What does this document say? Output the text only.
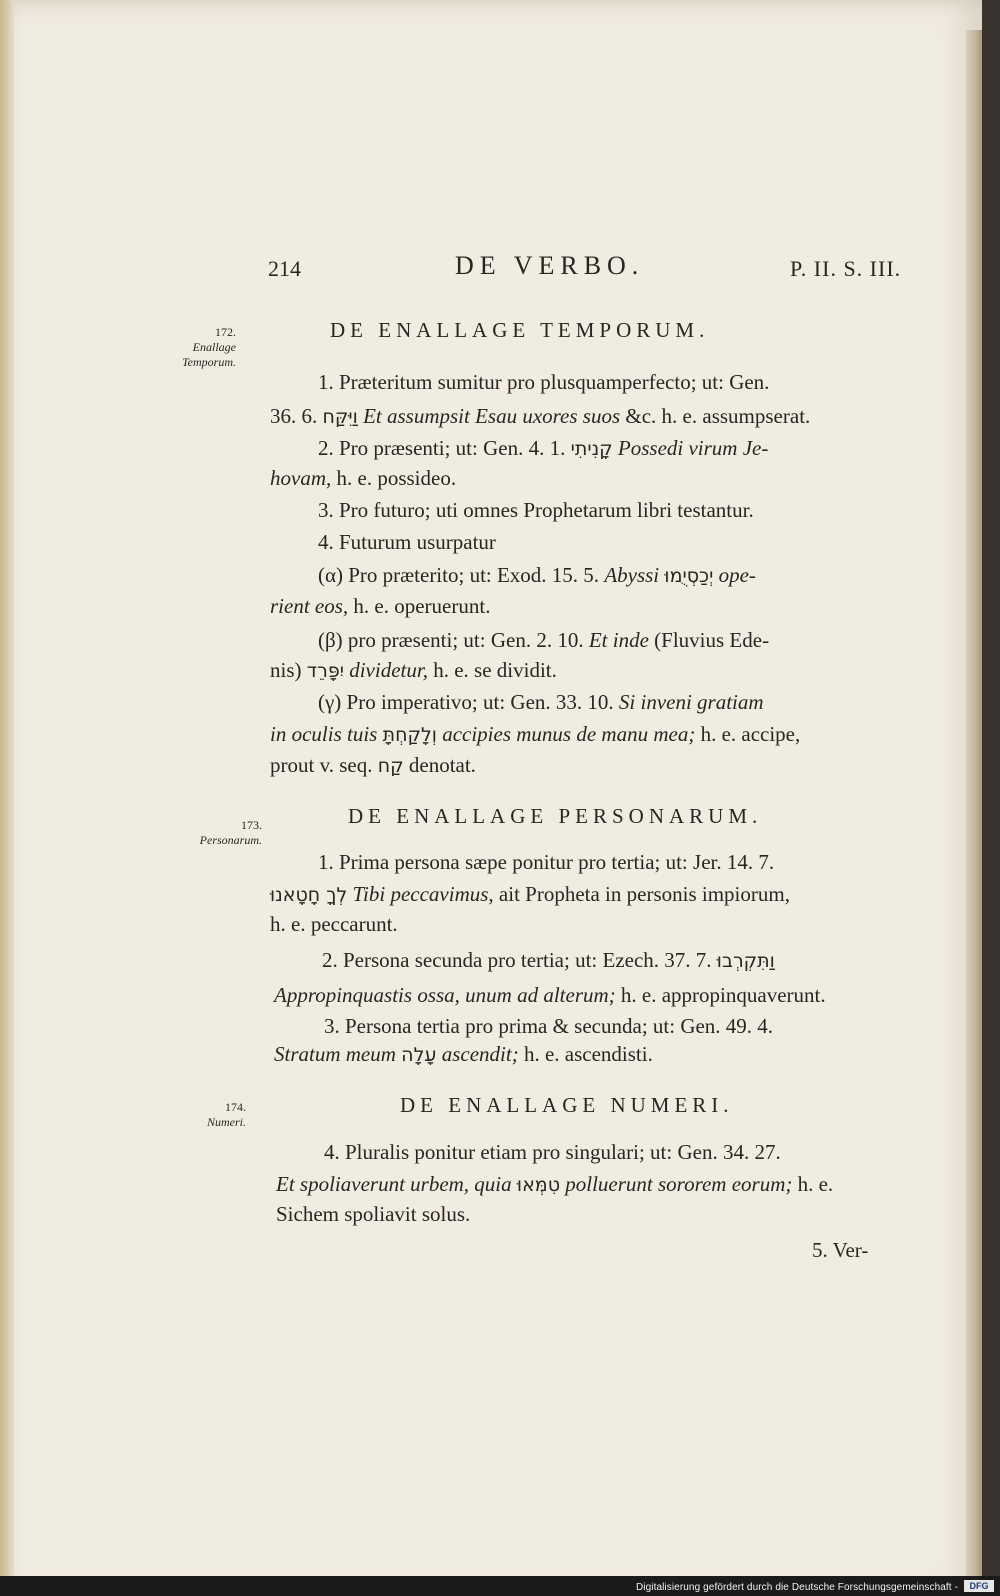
214	DE VERBO.	P. II. S. III.
172.
Enallage
Temporum.
173.
Personarum.
174.
Numeri.
DE ENALLAGE TEMPORUM.
1. Præteritum sumitur pro plusquamperfecto; ut: Gen.
36. 6. וַיִּקַּח Et assumpsit Esau uxores suos &c. h. e. assumpserat.
2. Pro præsenti; ut: Gen. 4. 1. קָנִיתִי Possedi virum Je-
hovam, h. e. possideo.
3. Pro futuro; uti omnes Prophetarum libri testantur.
4. Futurum usurpatur
(α) Pro præterito; ut: Exod. 15. 5. Abyssi יְכַסְיֻמוּ ope-
rient eos, h. e. operuerunt.
(β) pro præsenti; ut: Gen. 2. 10. Et inde (Fluvius Ede-
nis) יִפָּרֵד dividetur, h. e. se dividit.
(γ) Pro imperativo; ut: Gen. 33. 10. Si inveni gratiam
in oculis tuis וְלָקַחְתָּ accipies munus de manu mea; h. e. accipe,
prout v. seq. קַח denotat.
DE ENALLAGE PERSONARUM.
1. Prima persona sæpe ponitur pro tertia; ut: Jer. 14. 7.
לְךָ חָטָאנוּ Tibi peccavimus, ait Propheta in personis impiorum,
h. e. peccarunt.
2. Persona secunda pro tertia; ut: Ezech. 37. 7. וַתִּקְרְבוּ
Appropinquastis ossa, unum ad alterum; h. e. appropinquaverunt.
3. Persona tertia pro prima & secunda; ut: Gen. 49. 4.
Stratum meum עָלָה ascendit; h. e. ascendisti.
DE ENALLAGE NUMERI.
4. Pluralis ponitur etiam pro singulari; ut: Gen. 34. 27.
Et spoliaverunt urbem, quia טִמְּאוּ polluerunt sororem eorum; h. e.
Sichem spoliavit solus.
5. Ver-
Digitalisierung gefördert durch die Deutsche Forschungsgemeinschaft -	DFG
